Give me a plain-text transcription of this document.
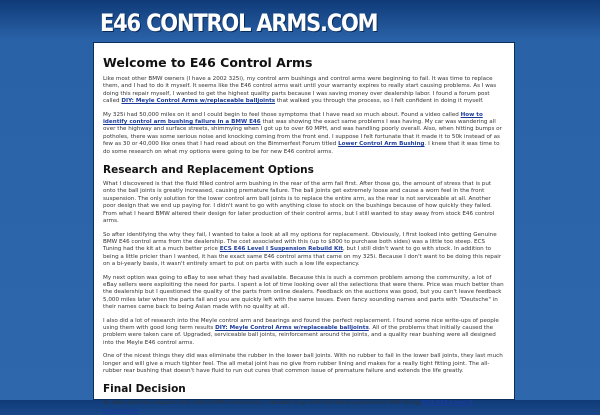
E46 CONTROL ARMS.COM
Welcome to E46 Control Arms

Like most other BMW owners (I have a 2002 325i), my control arm bushings and control arms were beginning to fail. It was time to replace them, and I had to do it myself. It seems like the E46 control arms wait until your warranty expires to really start causing problems. As I was doing this repair myself, I wanted to get the highest quality parts because I was saving money over dealership labor. I found a forum post called DIY: Meyle Control Arms w/replaceable balljoints that walked you through the process, so I felt confident in doing it myself.

My 325i had 50,000 miles on it and I could begin to feel those symptoms that I have read so much about. Found a video called How to identify control arm bushing failure in a BMW E46 that was showing the exact same problems I was having. My car was wandering all over the highway and surface streets, shimmying when I got up to over 60 MPH, and was handling poorly overall. Also, when hitting bumps or potholes, there was some serious noise and knocking coming from the front end. I suppose I felt fortunate that it made it to 50k instead of as few as 30 or 40,000 like ones that I had read about on the Bimmerfest Forum titled Lower Control Arm Bushing. I knew that it was time to do some research on what my options were going to be for new E46 control arms.

Research and Replacement Options

What I discovered is that the fluid filled control arm bushing in the rear of the arm fail first. After those go, the amount of stress that is put onto the ball joints is greatly increased, causing premature failure. The ball joints get extremely loose and cause a worn feel in the front suspension. The only solution for the lower control arm ball joints is to replace the entire arm, as the rear is not serviceable at all. Another poor design that we end up paying for. I didn't want to go with anything close to stock on the bushings because of how quickly they failed. From what I heard BMW altered their design for later production of their control arms, but I still wanted to stay away from stock E46 control arms.

So after identifying the why they fail, I wanted to take a look at all my options for replacement. Obviously, I first looked into getting Genuine BMW E46 control arms from the dealership. The cost associated with this (up to $800 to purchase both sides) was a little too steep. ECS Tuning had the kit at a much better price ECS E46 Level I Suspension Rebuild Kit, but I still didn't want to go with stock. In addition to being a little pricier than I wanted, it has the exact same E46 control arms that came on my 325i. Because I don't want to be doing this repair on a bi-yearly basis, it wasn't entirely smart to put on parts with such a low life expectancy.

My next option was going to eBay to see what they had available. Because this is such a common problem among the community, a lot of eBay sellers were exploiting the need for parts. I spent a lot of time looking over all the selections that were there. Price was much better than the dealership but I questioned the quality of the parts from online dealers. Feedback on the auctions was good, but you can't leave feedback 5,000 miles later when the parts fail and you are quickly left with the same issues. Even fancy sounding names and parts with "Deutsche" in their names came back to being Asian made with no quality at all.

I also did a lot of research into the Meyle control arm and bearings and found the perfect replacement. I found some nice write-ups of people using them with good long term results DIY: Meyle Control Arms w/replaceable balljoints. All of the problems that initially caused the problem were taken care of. Upgraded, serviceable ball joints, reinforcement around the joints, and a quality rear bushing were all designed into the Meyle E46 control arms.

One of the nicest things they did was eliminate the rubber in the lower ball joints. With no rubber to fail in the lower ball joints, they last much longer and will give a much tighter feel. The all metal joint has no give from rubber lining and makes for a really tight fitting joint. The all-rubber rear bushing that doesn't have fluid to run out cures that common issue of premature failure and extends the life greatly.

Final Decision

So after all of the research that I did on E46 control arms, I decided to go with the Meyle system from ECS Tuning ECS E46 Level II Suspension
